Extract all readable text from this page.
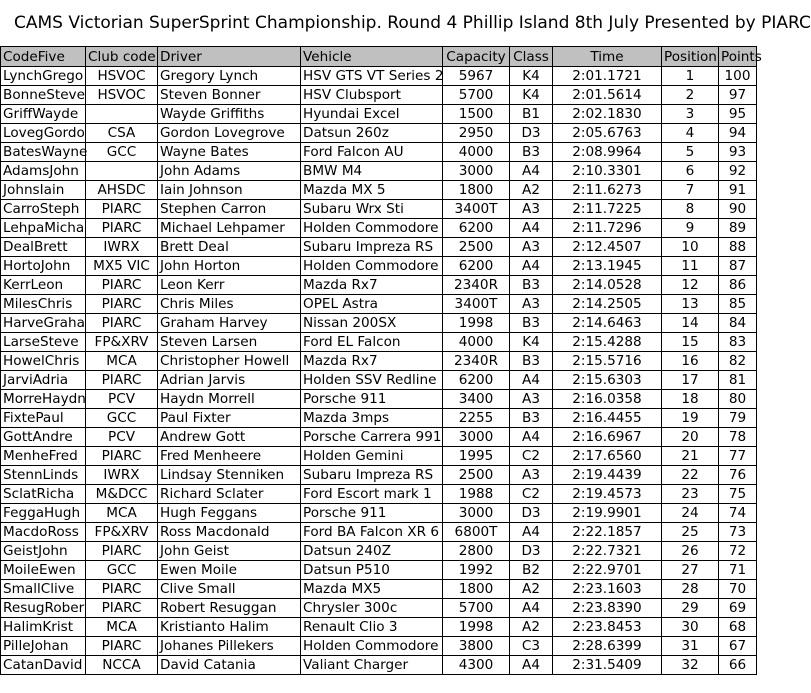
CAMS Victorian SuperSprint Championship. Round 4 Phillip Island 8th July Presented by PIARC
CodeFive	Club code	Driver	Vehicle	Capacity	Class	Time	Position	Points
LynchGrego	HSVOC	Gregory Lynch	HSV GTS VT Series 2	5967	K4	2:01.1721	1	100
BonneSteve	HSVOC	Steven Bonner	HSV Clubsport	5700	K4	2:01.5614	2	97
GriffWayde		Wayde Griffiths	Hyundai Excel	1500	B1	2:02.1830	3	95
LovegGordo	CSA	Gordon Lovegrove	Datsun 260z	2950	D3	2:05.6763	4	94
BatesWayne	GCC	Wayne Bates	Ford Falcon AU	4000	B3	2:08.9964	5	93
AdamsJohn		John Adams	BMW M4	3000	A4	2:10.3301	6	92
JohnsIain	AHSDC	Iain Johnson	Mazda MX 5	1800	A2	2:11.6273	7	91
CarroSteph	PIARC	Stephen Carron	Subaru Wrx Sti	3400T	A3	2:11.7225	8	90
LehpaMicha	PIARC	Michael Lehpamer	Holden Commodore	6200	A4	2:11.7296	9	89
DealBrett	IWRX	Brett Deal	Subaru Impreza RS	2500	A3	2:12.4507	10	88
HortoJohn	MX5 VIC	John Horton	Holden Commodore	6200	A4	2:13.1945	11	87
KerrLeon	PIARC	Leon Kerr	Mazda Rx7	2340R	B3	2:14.0528	12	86
MilesChris	PIARC	Chris Miles	OPEL Astra	3400T	A3	2:14.2505	13	85
HarveGraha	PIARC	Graham Harvey	Nissan 200SX	1998	B3	2:14.6463	14	84
LarseSteve	FP&XRV	Steven Larsen	Ford EL Falcon	4000	K4	2:15.4288	15	83
HowelChris	MCA	Christopher Howell	Mazda Rx7	2340R	B3	2:15.5716	16	82
JarviAdria	PIARC	Adrian Jarvis	Holden SSV Redline	6200	A4	2:15.6303	17	81
MorreHaydn	PCV	Haydn Morrell	Porsche 911	3400	A3	2:16.0358	18	80
FixtePaul	GCC	Paul Fixter	Mazda 3mps	2255	B3	2:16.4455	19	79
GottAndre	PCV	Andrew Gott	Porsche Carrera 991	3000	A4	2:16.6967	20	78
MenheFred	PIARC	Fred Menheere	Holden Gemini	1995	C2	2:17.6560	21	77
StennLinds	IWRX	Lindsay Stenniken	Subaru Impreza RS	2500	A3	2:19.4439	22	76
SclatRicha	M&DCC	Richard Sclater	Ford Escort mark 1	1988	C2	2:19.4573	23	75
FeggaHugh	MCA	Hugh Feggans	Porsche 911	3000	D3	2:19.9901	24	74
MacdoRoss	FP&XRV	Ross Macdonald	Ford BA Falcon XR 6	6800T	A4	2:22.1857	25	73
GeistJohn	PIARC	John Geist	Datsun 240Z	2800	D3	2:22.7321	26	72
MoileEwen	GCC	Ewen Moile	Datsun P510	1992	B2	2:22.9701	27	71
SmallClive	PIARC	Clive Small	Mazda MX5	1800	A2	2:23.1603	28	70
ResugRober	PIARC	Robert Resuggan	Chrysler 300c	5700	A4	2:23.8390	29	69
HalimKrist	MCA	Kristianto Halim	Renault Clio 3	1998	A2	2:23.8453	30	68
PilleJohan	PIARC	Johanes Pillekers	Holden Commodore	3800	C3	2:28.6399	31	67
CatanDavid	NCCA	David Catania	Valiant Charger	4300	A4	2:31.5409	32	66
